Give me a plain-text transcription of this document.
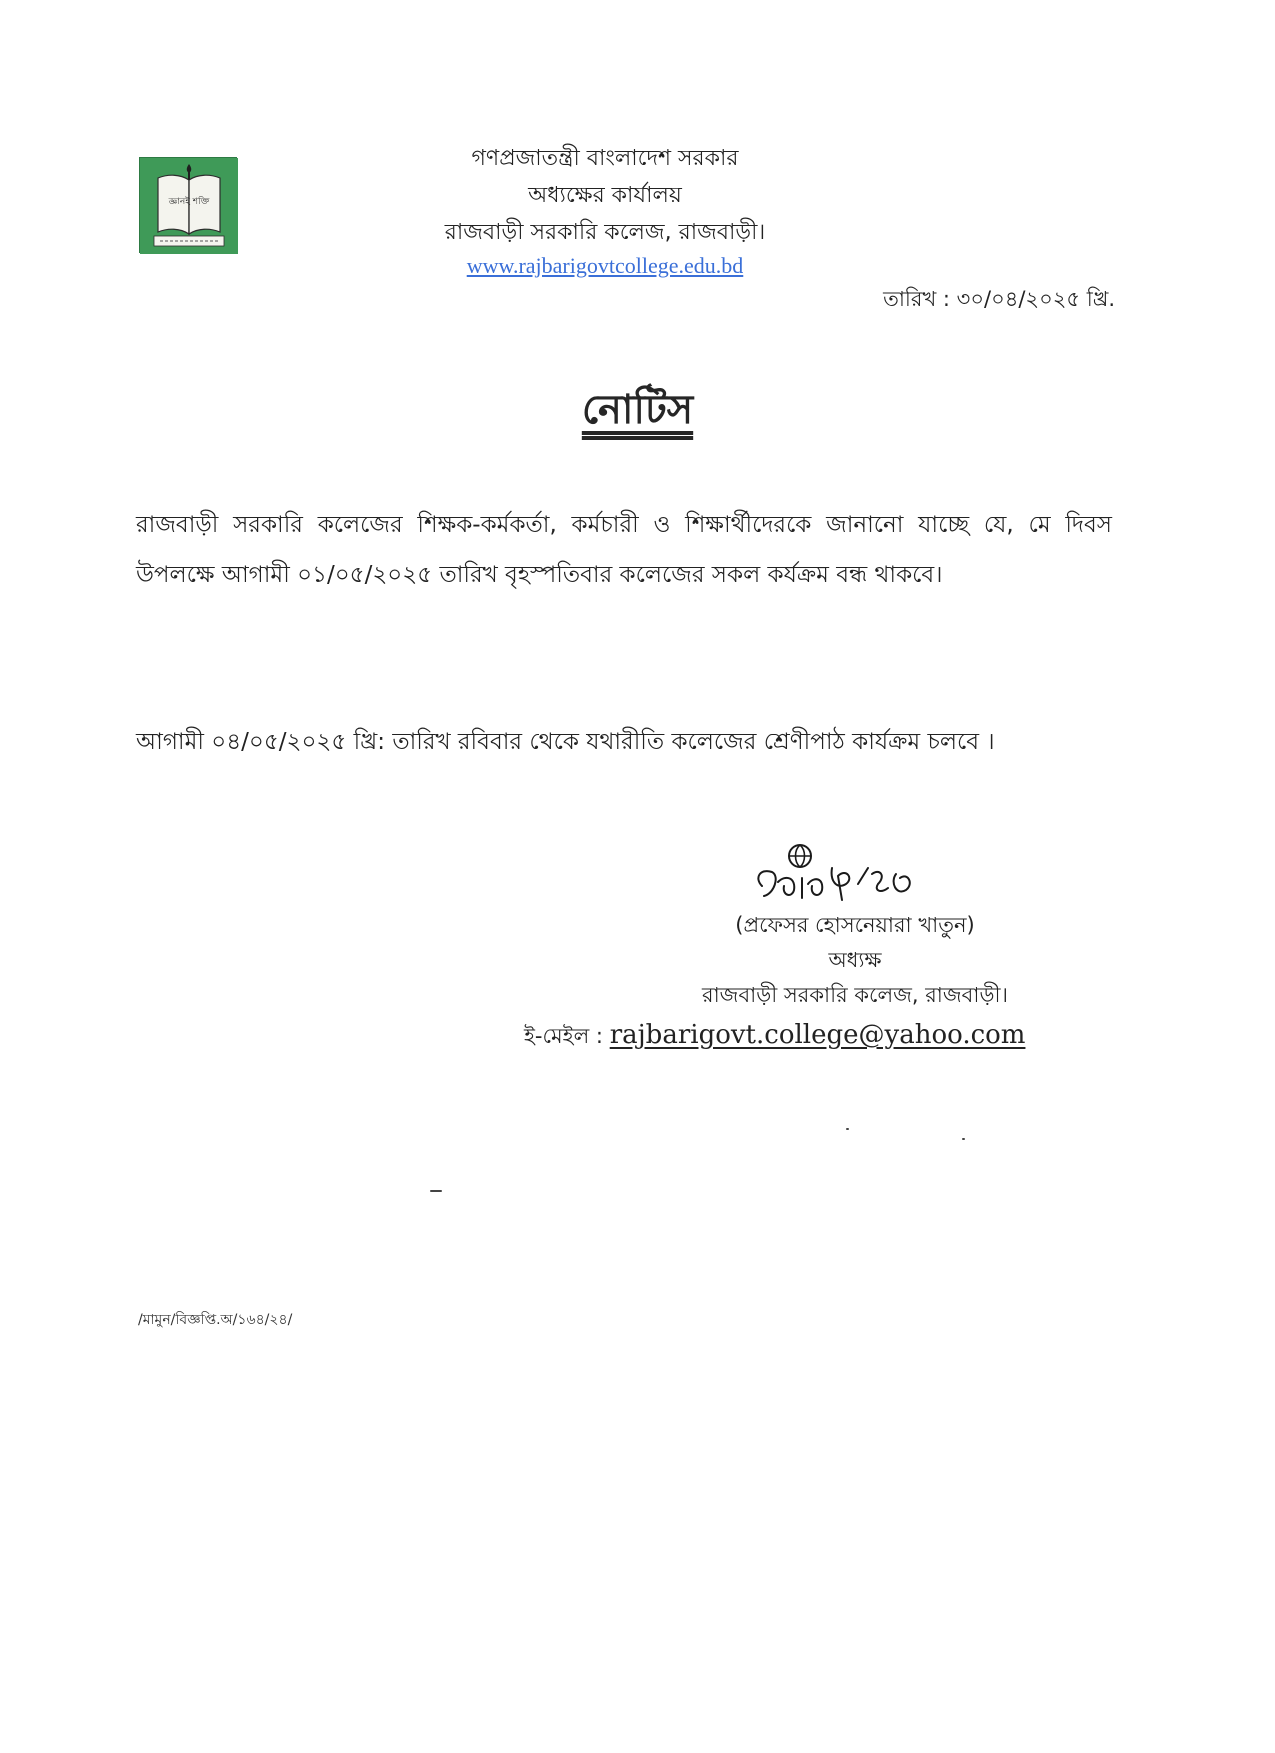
জ্ঞানই শক্তি
গণপ্রজাতন্ত্রী বাংলাদেশ সরকার
অধ্যক্ষের কার্যালয়
রাজবাড়ী সরকারি কলেজ, রাজবাড়ী।
www.rajbarigovtcollege.edu.bd
তারিখ : ৩০/০৪/২০২৫ খ্রি.
নোটিস
রাজবাড়ী সরকারি কলেজের শিক্ষক-কর্মকর্তা, কর্মচারী ও শিক্ষার্থীদেরকে জানানো যাচ্ছে যে, মে দিবস উপলক্ষে আগামী ০১/০৫/২০২৫ তারিখ বৃহস্পতিবার কলেজের সকল কর্যক্রম বন্ধ থাকবে।
আগামী ০৪/০৫/২০২৫ খ্রি: তারিখ রবিবার থেকে যথারীতি কলেজের শ্রেণীপাঠ কার্যক্রম চলবে ।
(প্রফেসর হোসনেয়ারা খাতুন)
অধ্যক্ষ
রাজবাড়ী সরকারি কলেজ, রাজবাড়ী।
ই-মেইল : rajbarigovt.college@yahoo.com
/মামুন/বিজ্ঞপ্তি.অ/১৬৪/২৪/
